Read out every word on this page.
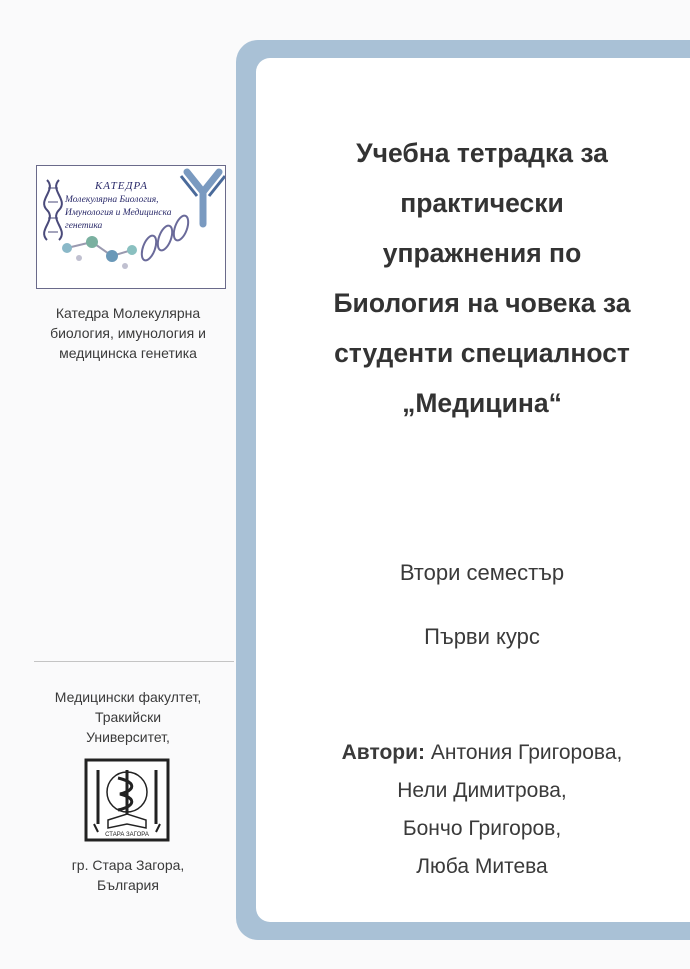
КАТЕДРА
Молекулярна Биология,
Имунология и Медицинска
генетика
Катедра Молекулярна
биология, имунология и
медицинска генетика
Медицински факултет,
Тракийски
Университет,
СТАРА ЗАГОРА
гр. Стара Загора,
България
Учебна тетрадка за
практически
упражнения по
Биология на човека за
студенти специалност
„Медицина“
Втори семестър
Първи курс
Автори: Антония Григорова,
Нели Димитрова,
Бончо Григоров,
Люба Митева
